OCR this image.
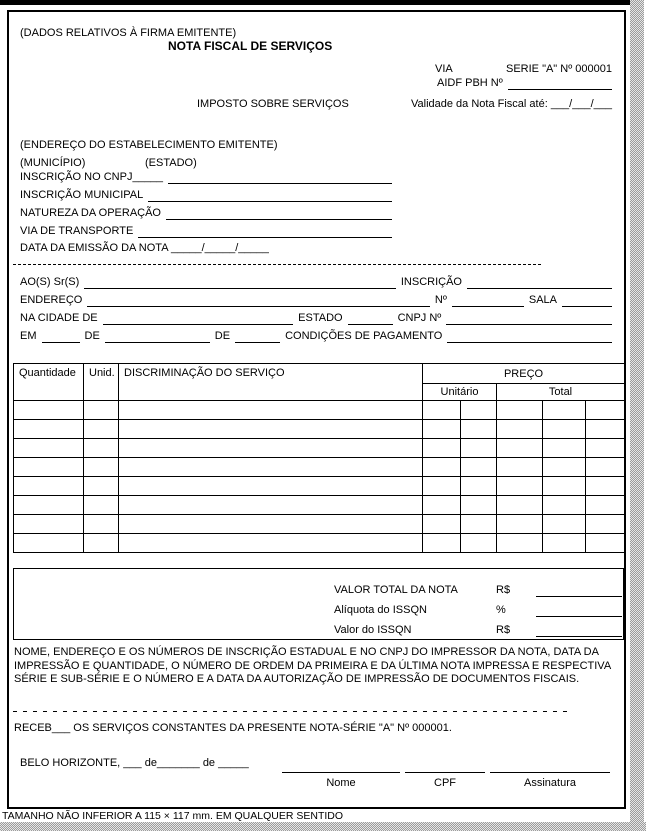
(DADOS RELATIVOS À FIRMA EMITENTE)
NOTA FISCAL DE SERVIÇOS
VIA	SERIE "A" Nº 000001
AIDF PBH Nº
IMPOSTO SOBRE SERVIÇOS	Validade da Nota Fiscal até: ___/___/___
(ENDEREÇO DO ESTABELECIMENTO EMITENTE)
(MUNICÍPIO)	(ESTADO)
INSCRIÇÃO NO CNPJ_____
INSCRIÇÃO MUNICIPAL
NATUREZA DA OPERAÇÃO
VIA DE TRANSPORTE
DATA DA EMISSÃO DA NOTA _____/_____/_____
AO(S) Sr(S)	INSCRIÇÃO
ENDEREÇO	Nº	SALA
NA CIDADE DE	ESTADO	CNPJ Nº
EM	DE	DE	CONDIÇÕES DE PAGAMENTO
Quantidade	Unid.	DISCRIMINAÇÃO DO SERVIÇO	PREÇO				
			Unitário		Total		

VALOR TOTAL DA NOTA	R$
Alíquota do ISSQN	%
Valor do ISSQN	R$
NOME, ENDEREÇO E OS NÚMEROS DE INSCRIÇÃO ESTADUAL E NO CNPJ DO IMPRESSOR DA NOTA, DATA DA IMPRESSÃO E QUANTIDADE, O NÚMERO DE ORDEM DA PRIMEIRA E DA ÚLTIMA NOTA IMPRESSA E RESPECTIVA SÉRIE E SUB-SÉRIE E O NÚMERO E A DATA DA AUTORIZAÇÃO DE IMPRESSÃO DE DOCUMENTOS FISCAIS.
RECEB___ OS SERVIÇOS CONSTANTES DA PRESENTE NOTA-SÉRIE "A" Nº 000001.
BELO HORIZONTE, ___ de_______ de _____
Nome	CPF	Assinatura
TAMANHO NÃO INFERIOR A 115 × 117 mm. EM QUALQUER SENTIDO
